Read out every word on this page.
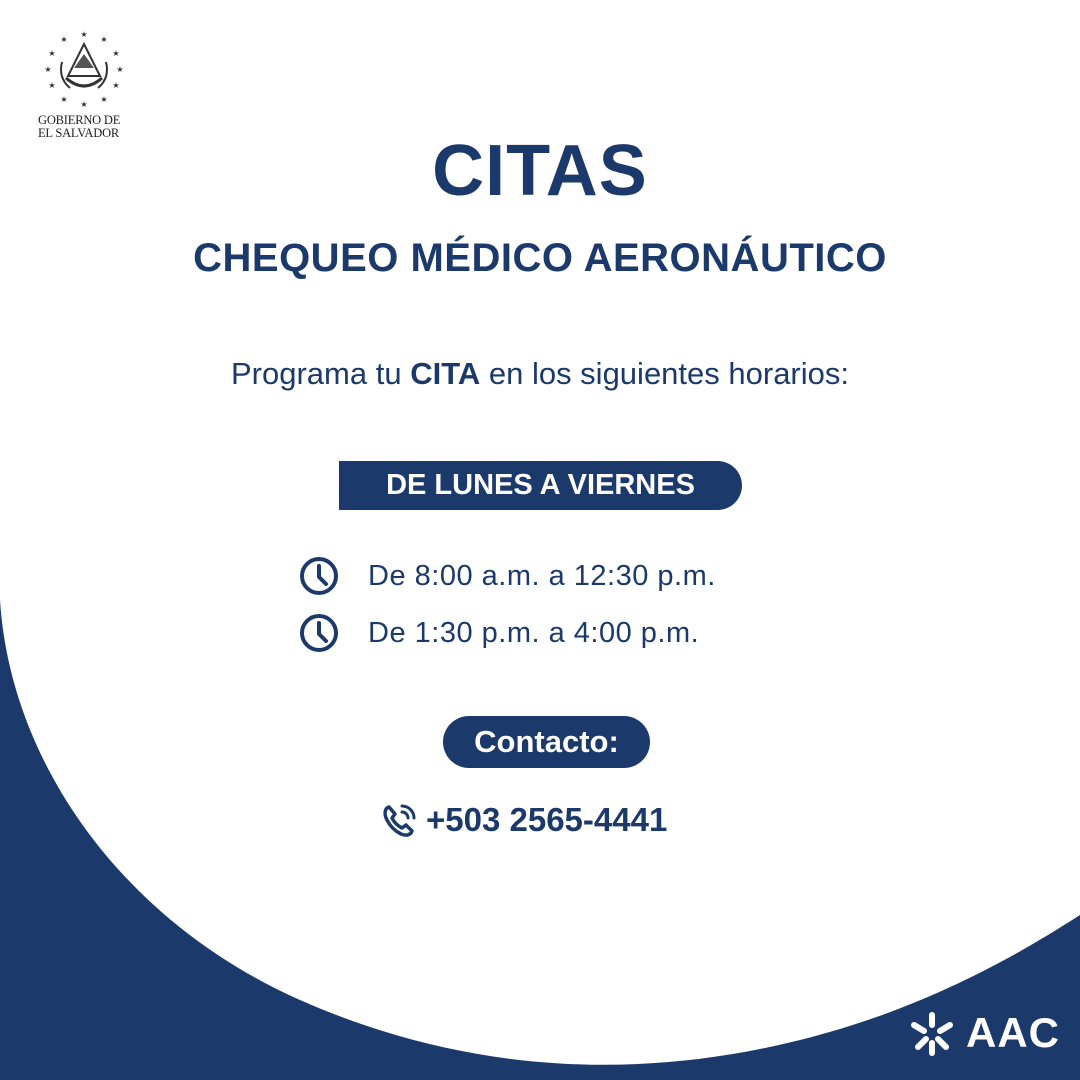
★
★
★
★
★
★
★
★
★
★
★
★
GOBIERNO DE
EL SALVADOR	CITAS
CHEQUEO MÉDICO AERONÁUTICO
Programa tu CITA en los siguientes horarios:
DE LUNES A VIERNES
De 8:00 a.m. a 12:30 p.m.
De 1:30 p.m. a 4:00 p.m.
Contacto:
+503 2565-4441
AAC
